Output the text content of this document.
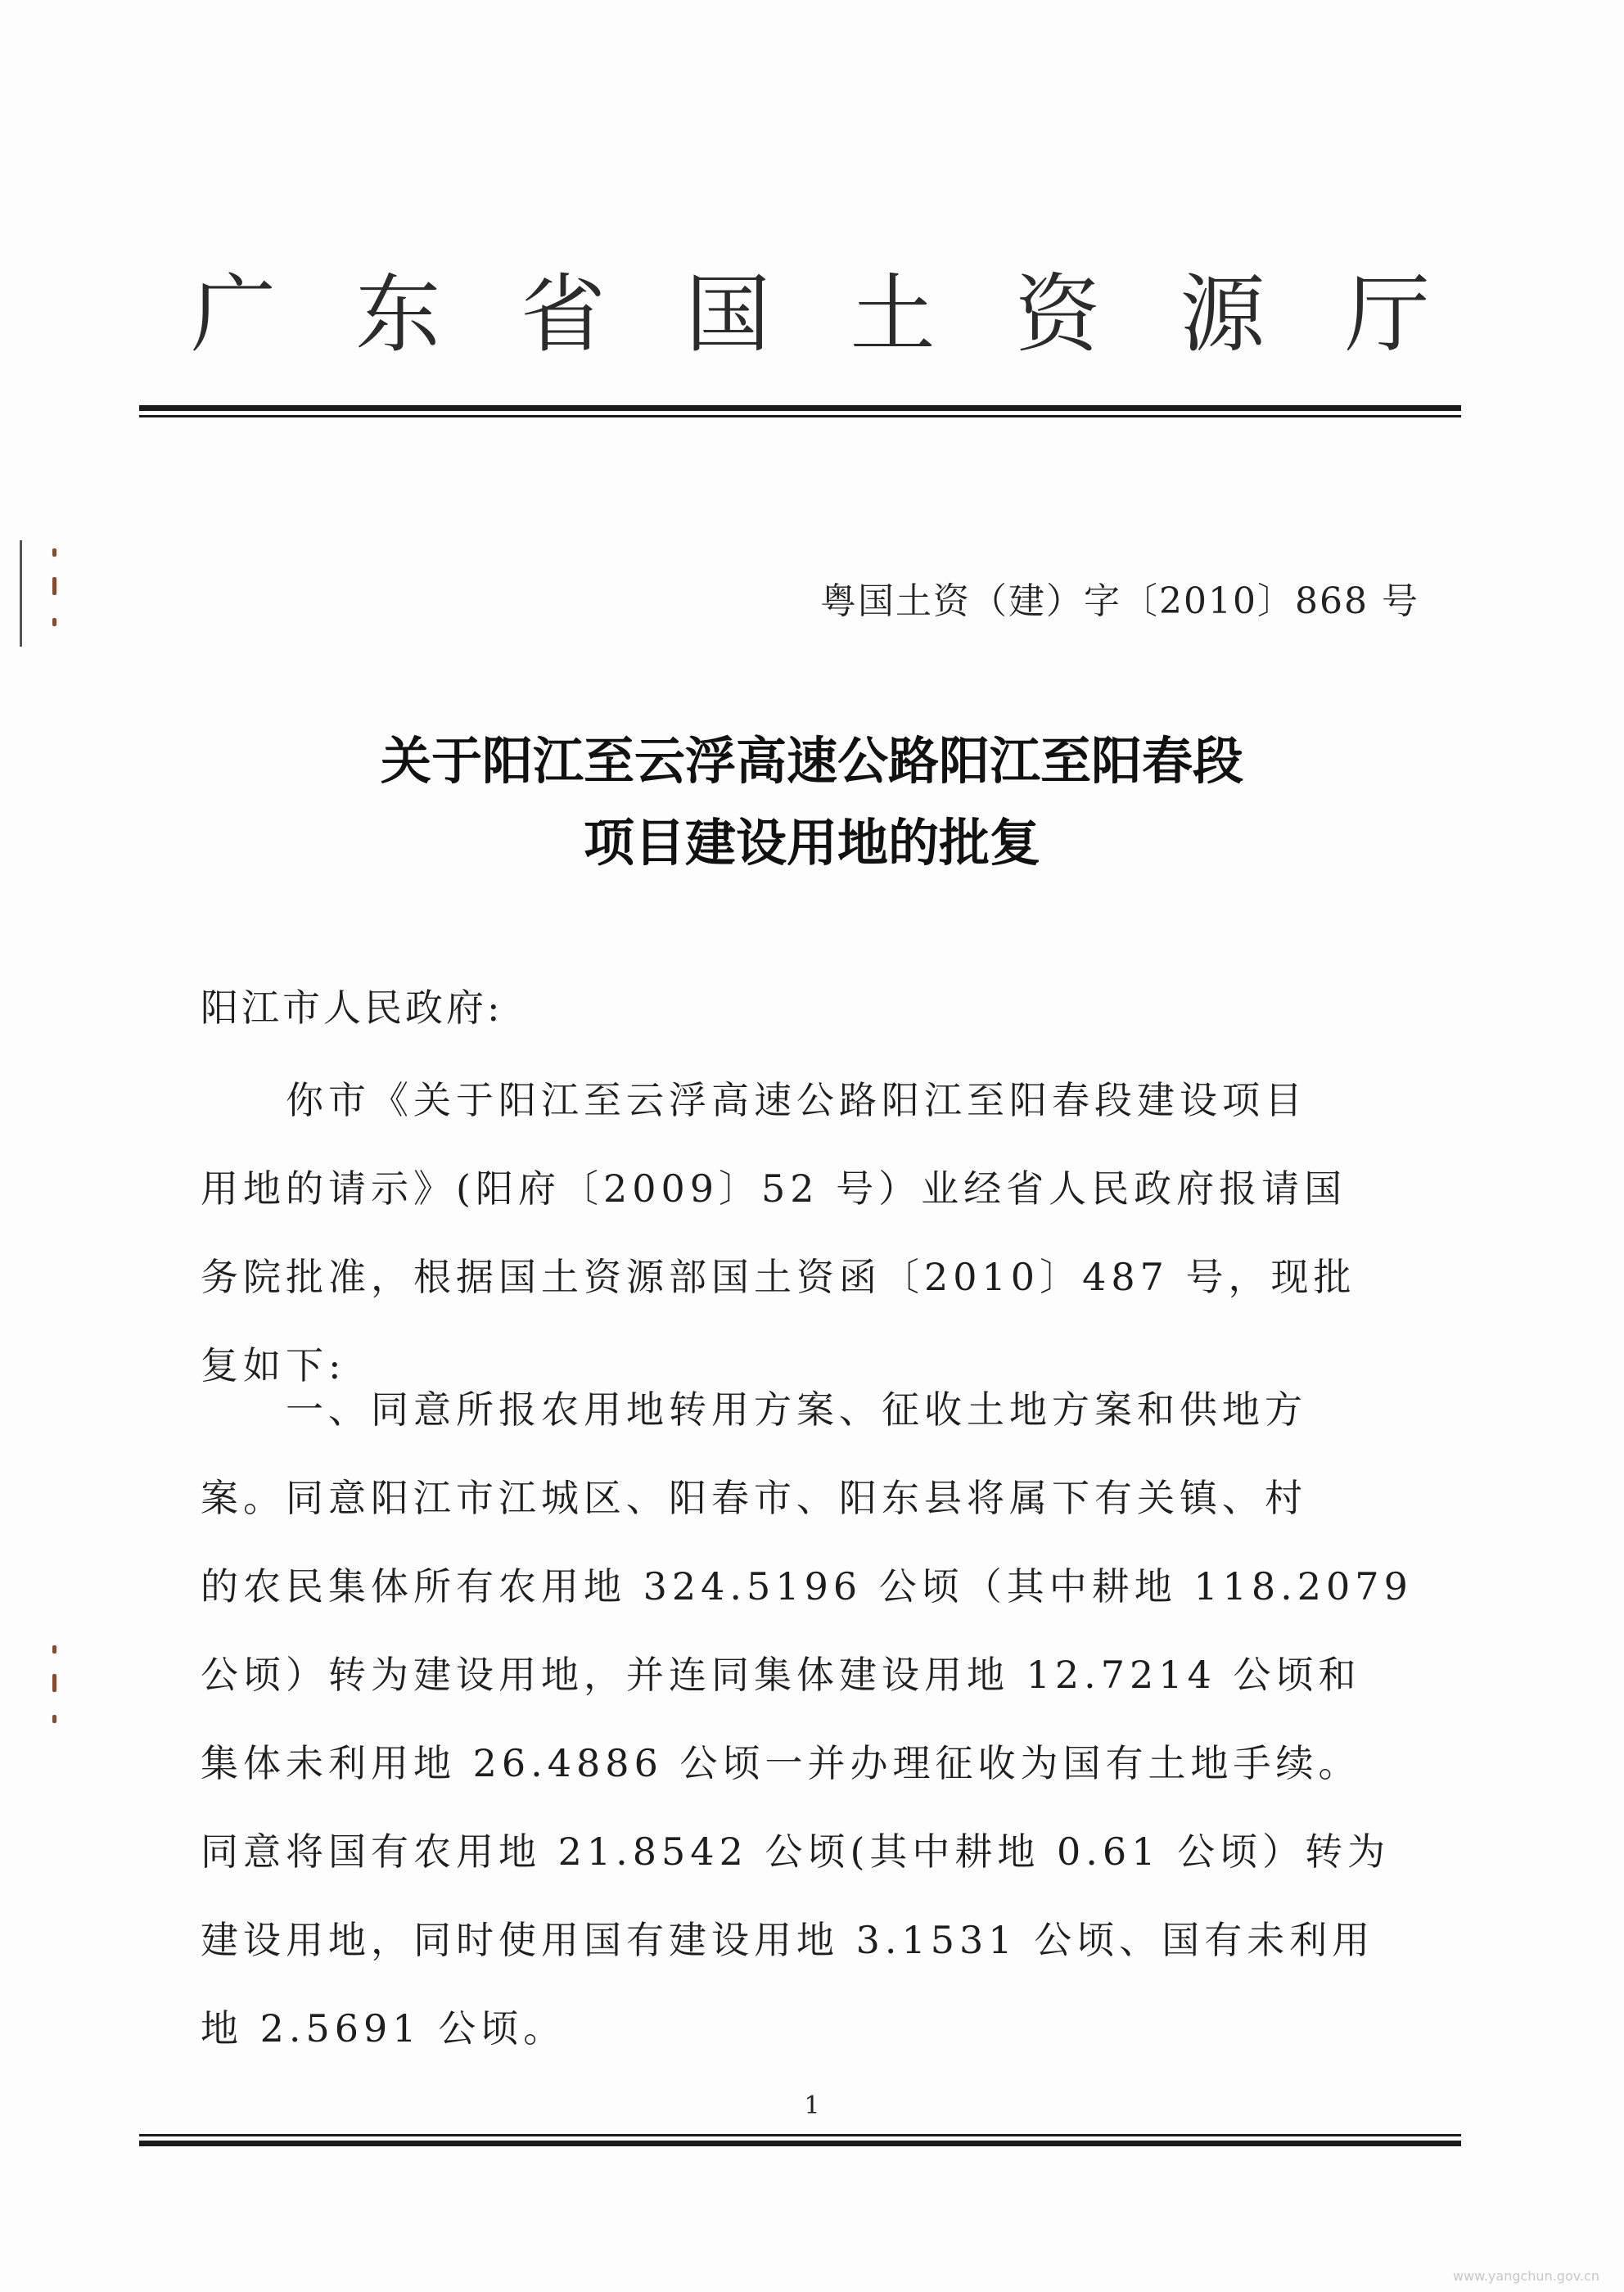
广 东 省 国 土 资 源 厅
粤国土资（建）字〔2010〕868 号
关于阳江至云浮高速公路阳江至阳春段
项目建设用地的批复
阳江市人民政府:
　　你市《关于阳江至云浮高速公路阳江至阳春段建设项目
用地的请示》(阳府〔2009〕52 号）业经省人民政府报请国
务院批准，根据国土资源部国土资函〔2010〕487 号，现批
复如下:
　　一、同意所报农用地转用方案、征收土地方案和供地方
案。同意阳江市江城区、阳春市、阳东县将属下有关镇、村
的农民集体所有农用地 324.5196 公顷（其中耕地 118.2079
公顷）转为建设用地，并连同集体建设用地 12.7214 公顷和
集体未利用地 26.4886 公顷一并办理征收为国有土地手续。
同意将国有农用地 21.8542 公顷(其中耕地 0.61 公顷）转为
建设用地，同时使用国有建设用地 3.1531 公顷、国有未利用
地 2.5691 公顷。
1
www.yangchun.gov.cn
